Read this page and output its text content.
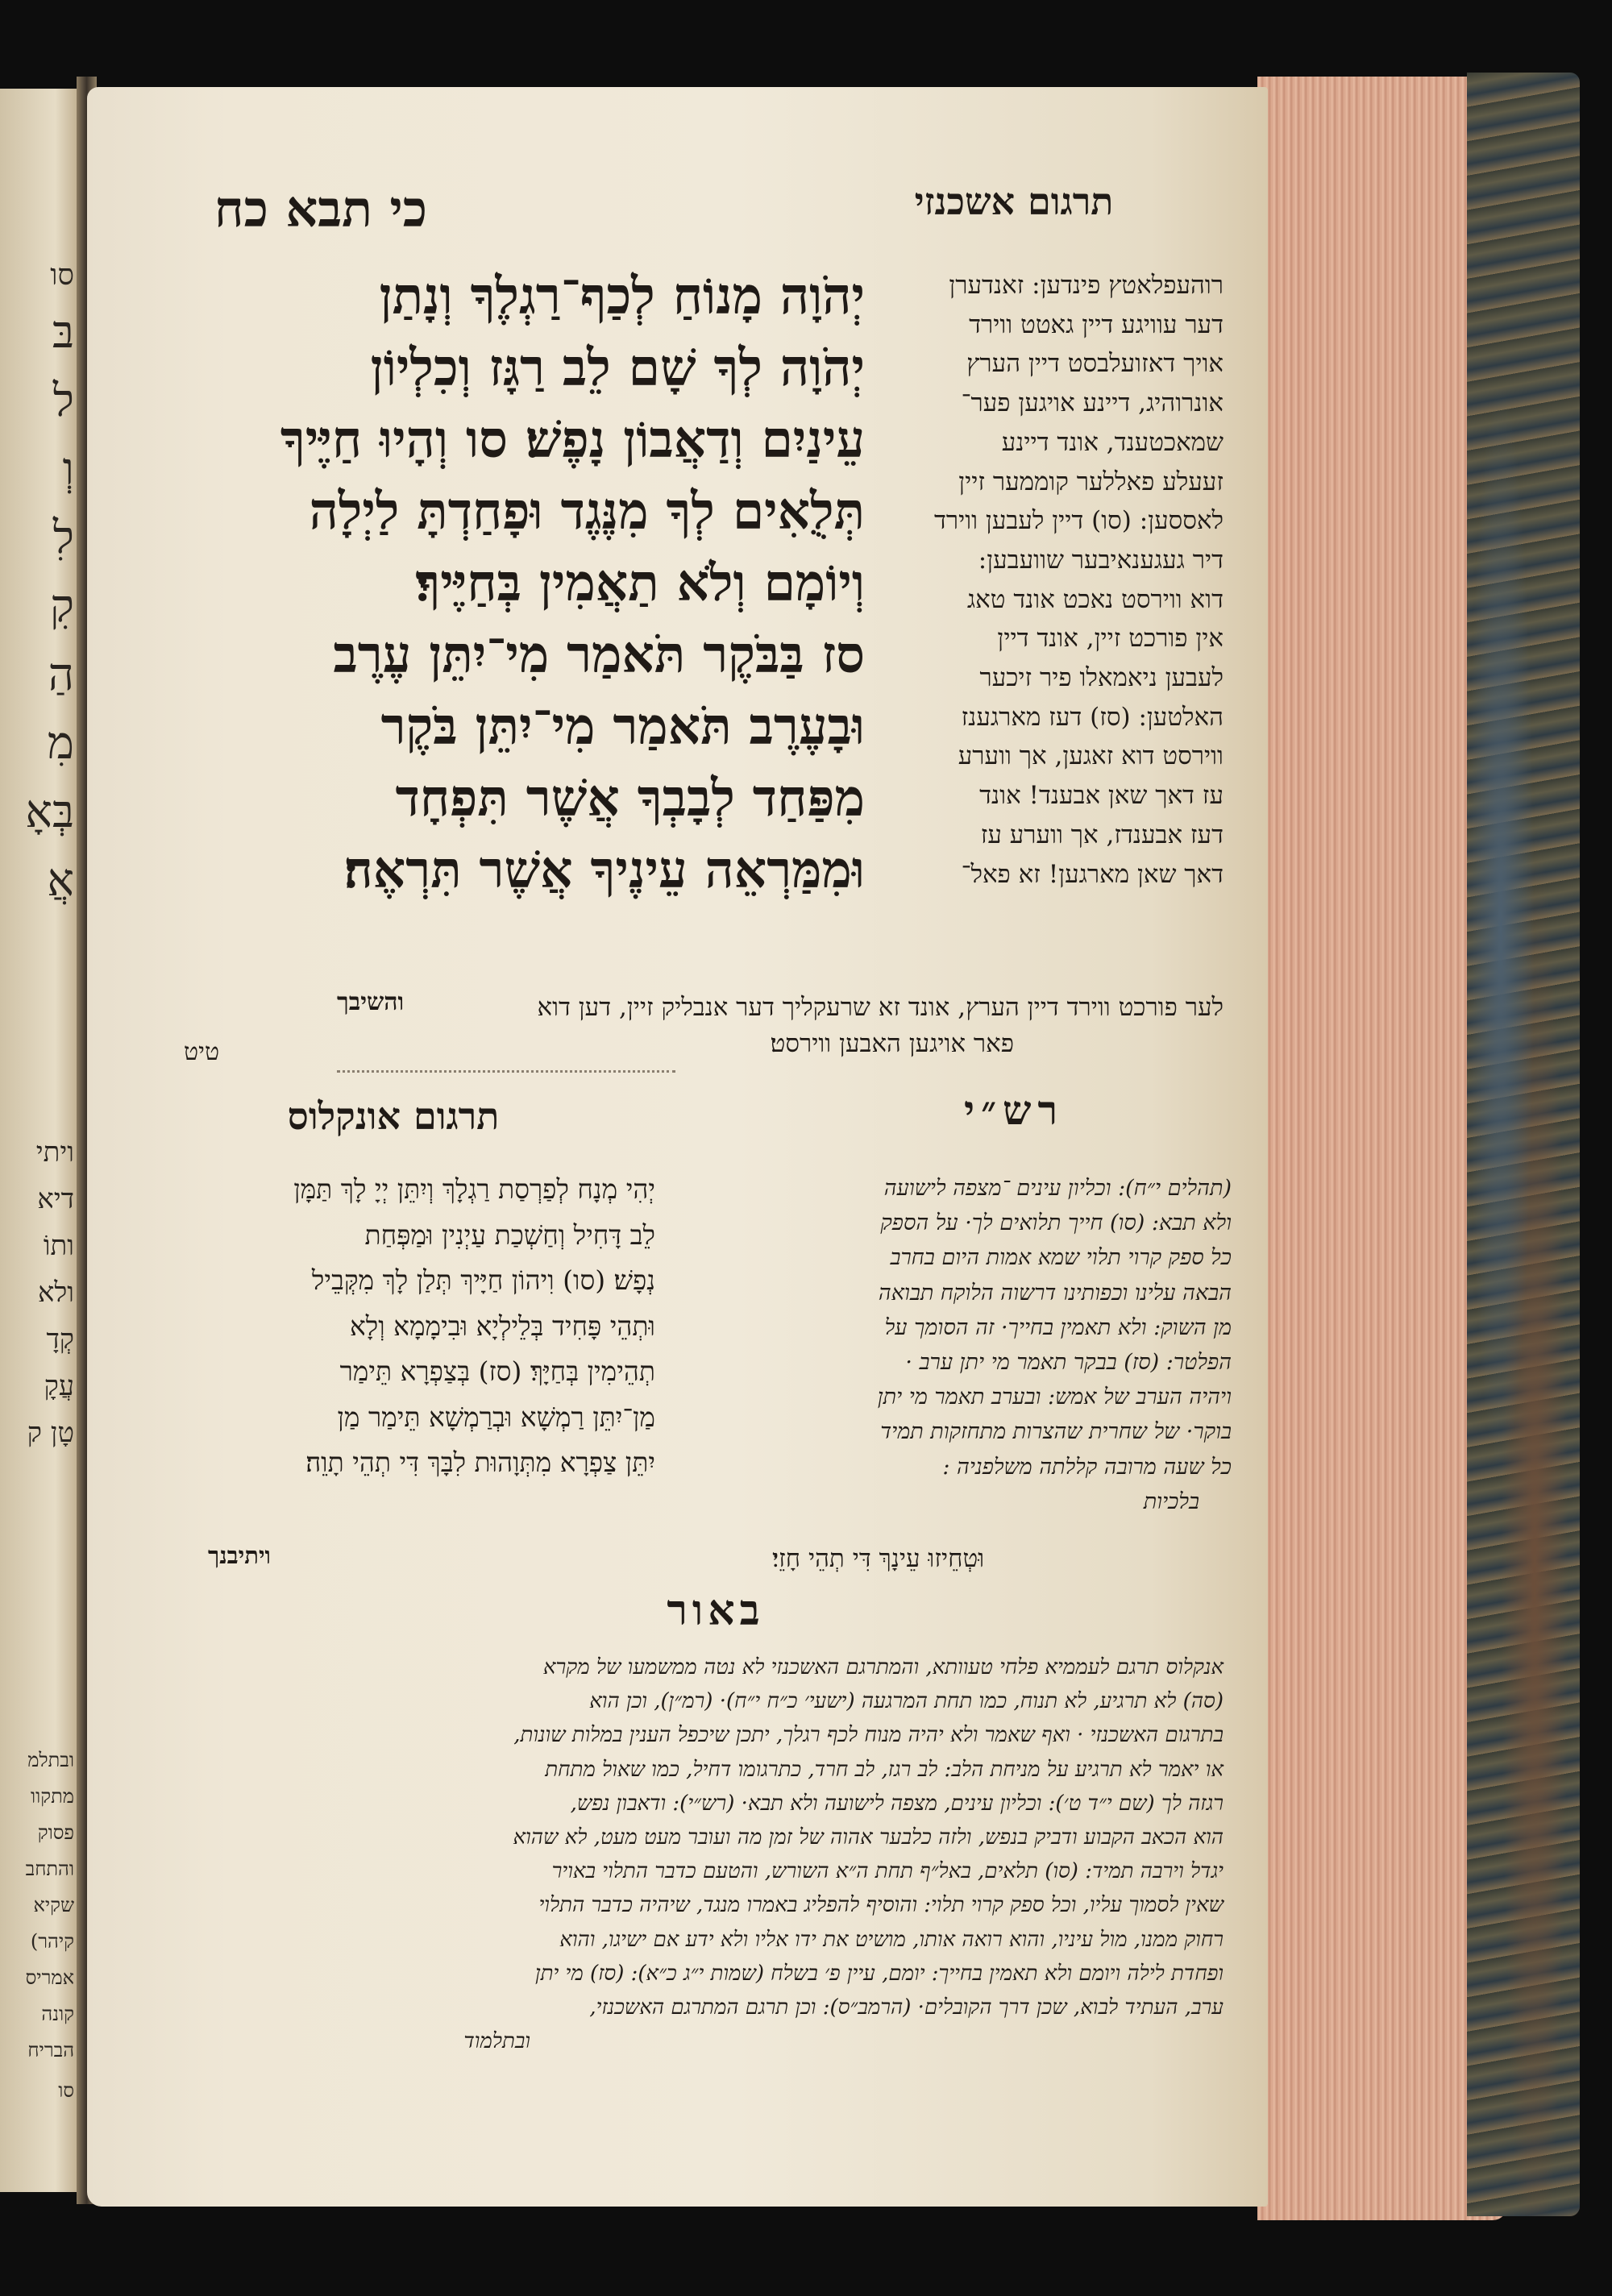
סו
בּ
ל
וְ
לִ
קִ
הַ
מִ
בְּאָ
אֲ
ויתי
דיא
ותוֹ
ולא
קְדָ
עֲקָ
טָן ק
ובתלמ
מתקוו
פסוק
והתחב
שקיא
(קיהר
אמריס
קונה
הבריח
סו
כי תבא כח	תרגום אשכנזי
יְהֹוָה מָנוֹחַ לְכַף־רַגְלֶךָ וְנָתַן
יְהֹוָה לְךָ שָׁם לֵב רַגָּז וְכִלְיוֹן
עֵינַיִם וְדַאֲבוֹן נָפֶשׁ׃ סו וְהָיוּ חַיֶּיךָ
תְּלֻאִים לְךָ מִנֶּגֶד וּפָחַדְתָּ לַיְלָה
וְיוֹמָם וְלֹא תַאֲמִין בְּחַיֶּיךָ׃
סז בַּבֹּקֶר תֹּאמַר מִי־יִתֵּן עֶרֶב
וּבָעֶרֶב תֹּאמַר מִי־יִתֵּן בֹּקֶר
מִפַּחַד לְבָבְךָ אֲשֶׁר תִּפְחָד
וּמִמַּרְאֵה עֵינֶיךָ אֲשֶׁר תִּרְאֶה׃
והשיבך
רוהעפלאטץ פינדען: זאנדערן
דער עוויגע דיין גאטט ווירד
אויך דאזועלבסט דיין הערץ
אונרוהיג, דיינע אויגען פער־
שמאכטענד, אונד דיינע
זעעלע פאללער קוממער זיין
לאססען: (סו) דיין לעבען ווירד
דיר געגענאיבער שוועבען:
דוא ווירסט נאכט אונד טאג
אין פורכט זיין, אונד דיין
לעבען ניאמאלו פיר זיכער
האלטען: (סז) דעז מארגענז
ווירסט דוא זאגען, אך ווערע
עז דאך שאן אבענד! אונד
דעז אבענדז, אך ווערע עז
דאך שאן מארגען! זא פאל־
לער פורכט ווירד דיין הערץ, אונד זא שרעקליך דער אנבליק זיין, דען דוא
פאר אויגען האבען ווירסט׃
טיט
רש״י
תרגום אונקלוס
(תהלים י״ח): וכליון עינים ־מצפה לישועה
ולא תבא: (סו) חייך תלואים לך· על הספק
כל ספק קרוי תלוי שמא אמות היום בחרב
הבאה עלינו וכפותינו דרשוה הלוקח תבואה
מן השוק: ולא תאמין בחייך· זה הסומך על
הפלטר: (סז) בבקר תאמר מי יתן ערב ·
ויהיה הערב של אמש: ובערב תאמר מי יתן
בוקר· של שחרית שהצרות מתחזקות תמיד
כל שעה מרובה קללתה משלפניה :
בלכיות
וּטְחֵיזוּ עֵינָךְ דִּי תְהֵי חָזֵי׃
יְהִי מְנָח לְפַרְסַת רַגְלָךְ וְיִתֵּן יְיָ לָךְ תַּמָּן
לֵב דָּחִיל וְחַשְׁכַת עַיְנִין וּמַפְּחַת
נְפָשׁ׃ (סו) וִיהוֹן חַיָּיךְ תְּלַן לָךְ מִקְּבֵיל
וּתְהֵי פָּחִיד בְּלֵילְיָא וּבִימָמָא וְלָא
תְהֵימִין בְּחַיָּךְ׃ (סז) בְּצַפְרָא תֵּימַר
מַן־יִתֵּן רַמְשָׁא וּבְרַמְשָׁא תֵּימַר מַן
יִתֵּן צַפְרָא מִתְּוָהוּת לִבָּךְ דִּי תְהֵי תָוֵה׃
ויתיבנך
באור
אנקלוס תרגם לעממיא פלחי טעוותא, והמתרגם האשכנזי לא נטה ממשמעו של מקרא
(סה) לא תרגיע, לא תנוח, כמו תחת המרגעה (ישעי׳ כ״ח י״ח)· (רמ״ן), וכן הוא
בתרגום האשכנזי · ואף שאמר ולא יהיה מנוח לכף רגלך, יתכן שיכפל הענין במלות שונות,
או יאמר לא תרגיע על מניחת הלב: לב רגז, לב חרד, כתרגומו דחיל, כמו שאול מתחת
רגזה לך (שם י״ד ט׳): וכליון עינים, מצפה לישועה ולא תבא· (רש״י): ודאבון נפש,
הוא הכאב הקבוע ודביק בנפש, ולזה כלבער אהוה של זמן מה ועובר מעט מעט, לא שהוא
יגדל וירבה תמיד: (סו) תלאים, באל״ף תחת ה״א השורש, והטעם כדבר התלוי באויר
שאין לסמוך עליו, וכל ספק קרוי תלוי: והוסיף להפליג באמרו מנגד, שיהיה כדבר התלוי
רחוק ממנו, מול עיניו, והוא רואה אותו, מושיט את ידו אליו ולא ידע אם ישיגו, והוא
ופחדת לילה ויומם ולא תאמין בחייך: יומם, עיין פ׳ בשלח (שמות י״ג כ״א): (סז) מי יתן
ערב, העתיד לבוא, שכן דרך הקובלים· (הרמב״ס): וכן תרגם המתרגם האשכנזי,
ובתלמוד
